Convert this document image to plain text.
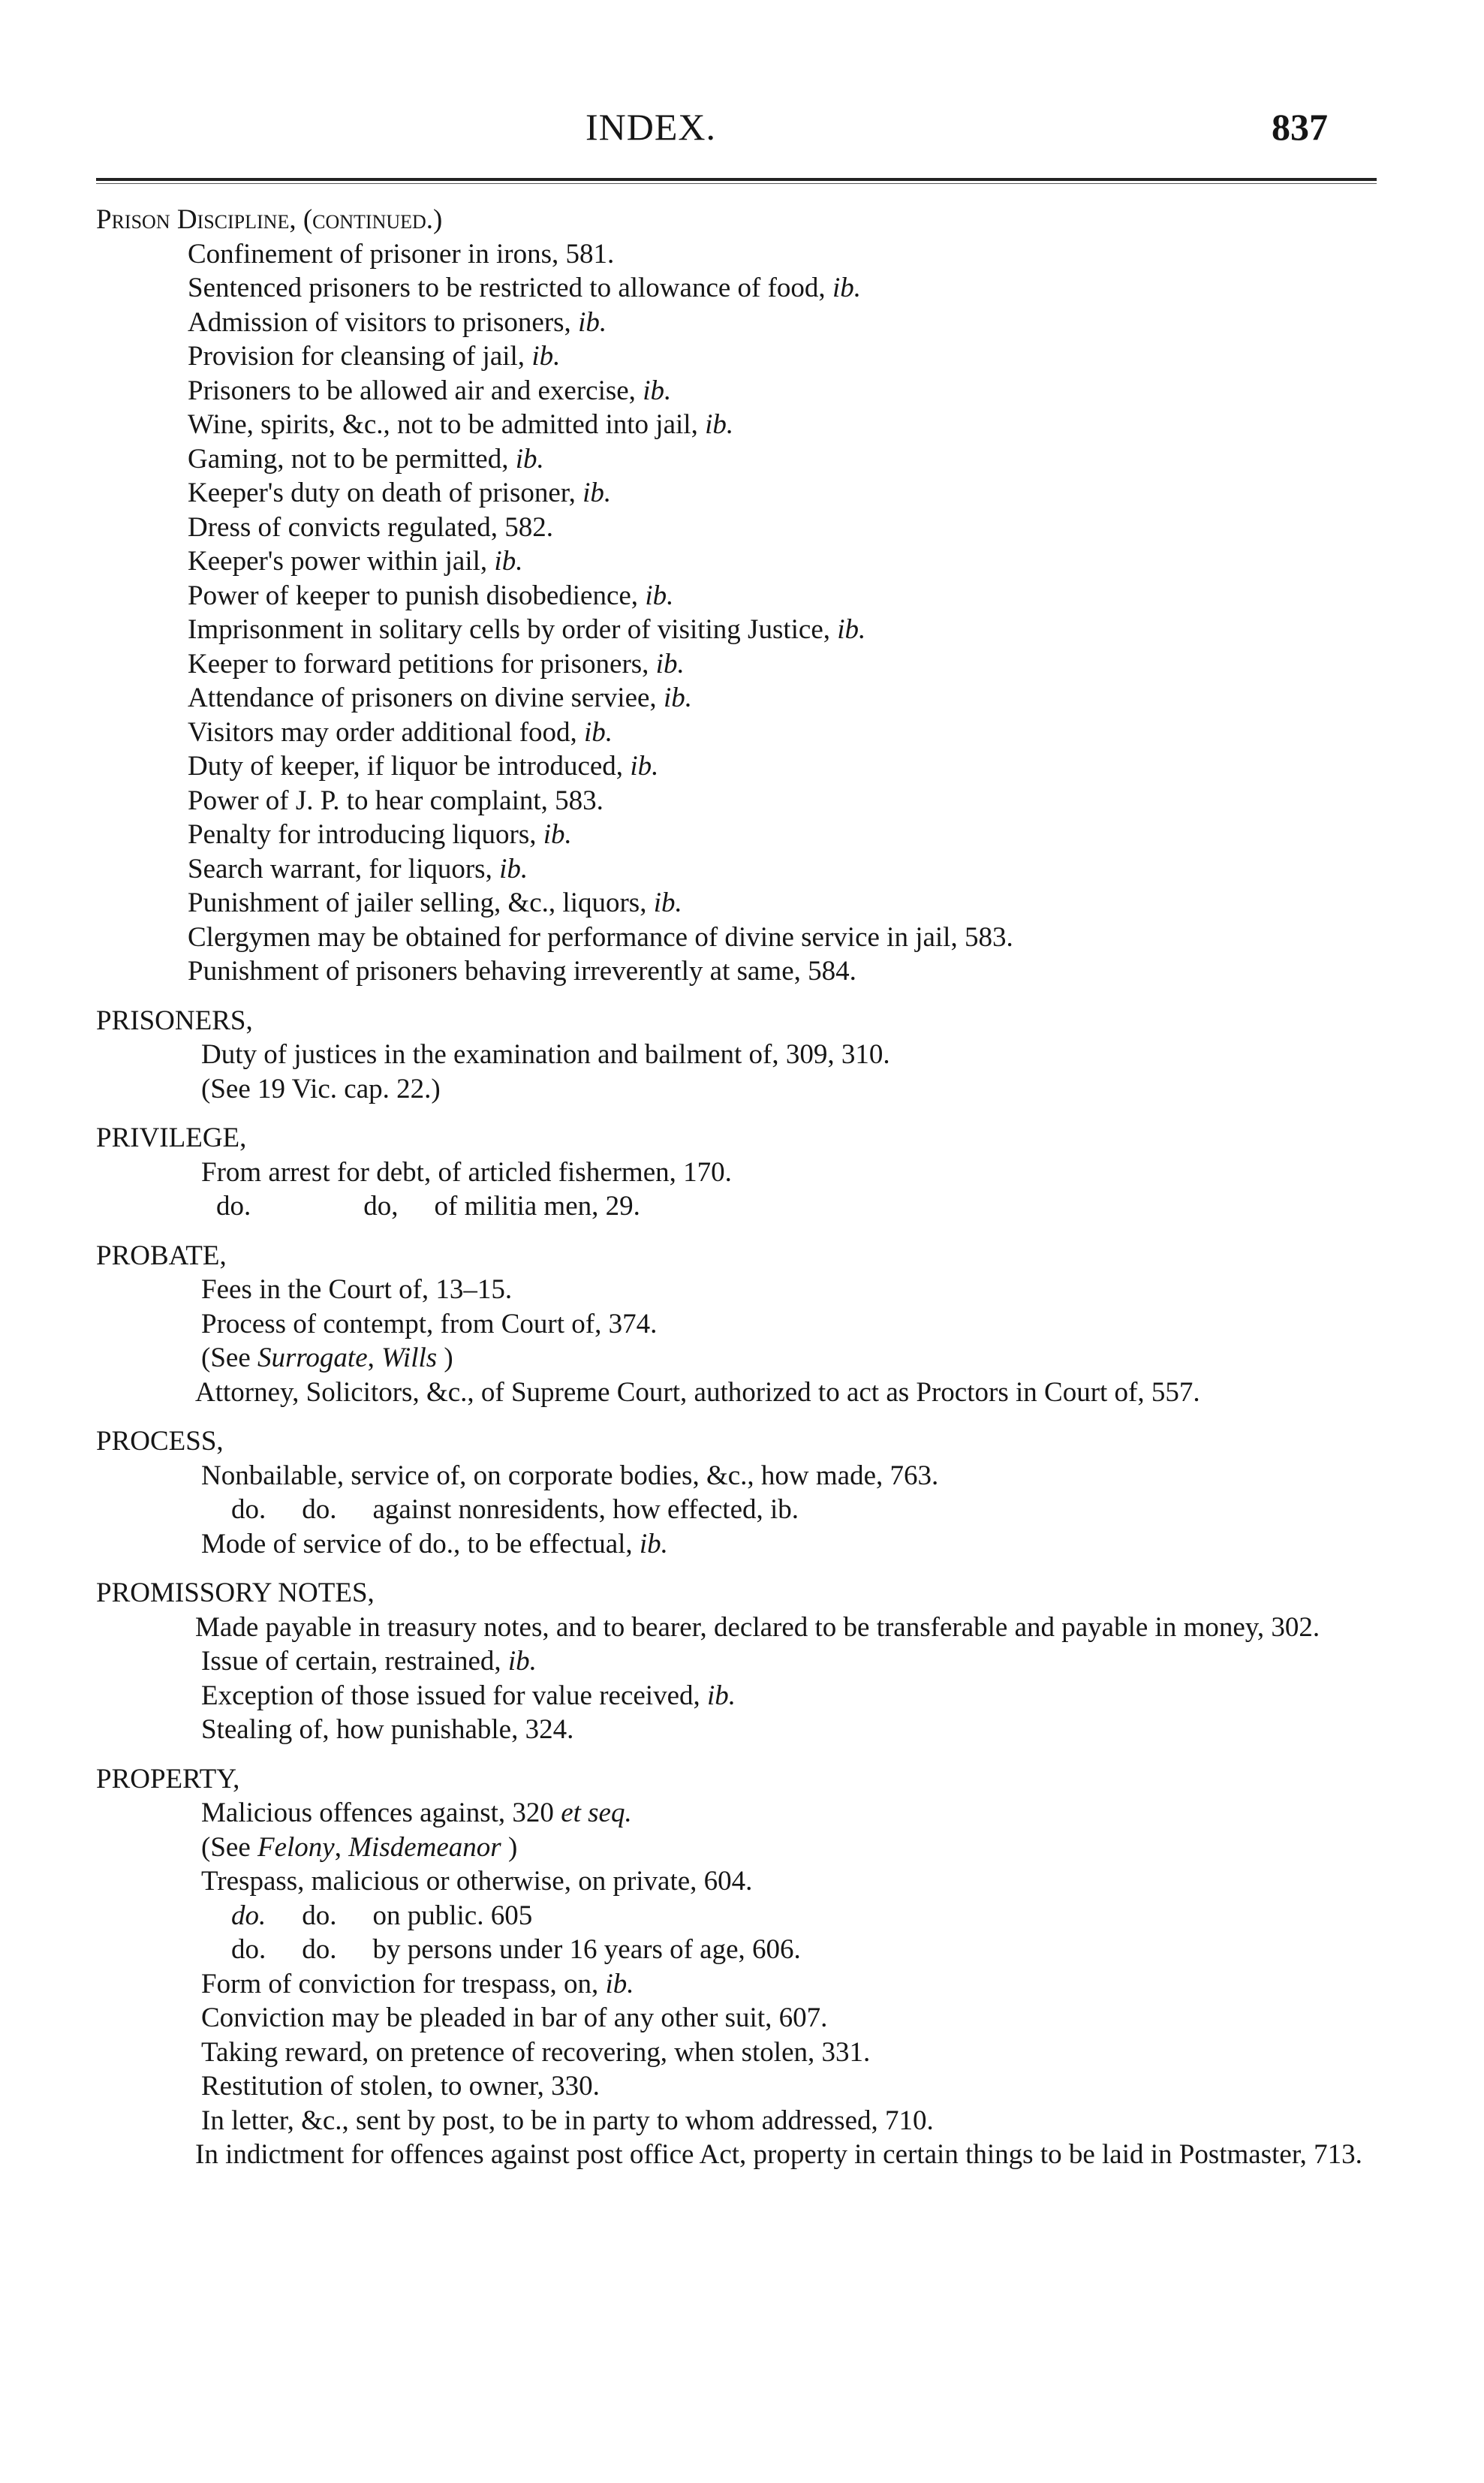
INDEX.	837
Prison Discipline, (continued.)
Confinement of prisoner in irons, 581.
Sentenced prisoners to be restricted to allowance of food, ib.
Admission of visitors to prisoners, ib.
Provision for cleansing of jail, ib.
Prisoners to be allowed air and exercise, ib.
Wine, spirits, &c., not to be admitted into jail, ib.
Gaming, not to be permitted, ib.
Keeper's duty on death of prisoner, ib.
Dress of convicts regulated, 582.
Keeper's power within jail, ib.
Power of keeper to punish disobedience, ib.
Imprisonment in solitary cells by order of visiting Justice, ib.
Keeper to forward petitions for prisoners, ib.
Attendance of prisoners on divine serviee, ib.
Visitors may order additional food, ib.
Duty of keeper, if liquor be introduced, ib.
Power of J. P. to hear complaint, 583.
Penalty for introducing liquors, ib.
Search warrant, for liquors, ib.
Punishment of jailer selling, &c., liquors, ib.
Clergymen may be obtained for performance of divine service in jail, 583.
Punishment of prisoners behaving irreverently at same, 584.
PRISONERS,
Duty of justices in the examination and bailment of, 309, 310.
(See 19 Vic. cap. 22.)
PRIVILEGE,
From arrest for debt, of articled fishermen, 170.
do.	do, of militia men, 29.
PROBATE,
Fees in the Court of, 13–15.
Process of contempt, from Court of, 374.
(See Surrogate, Wills )
Attorney, Solicitors, &c., of Supreme Court, authorized to act as Proctors in Court of, 557.
PROCESS,
Nonbailable, service of, on corporate bodies, &c., how made, 763.
do. do. against nonresidents, how effected, ib.
Mode of service of do., to be effectual, ib.
PROMISSORY NOTES,
Made payable in treasury notes, and to bearer, declared to be transferable and payable in money, 302.
Issue of certain, restrained, ib.
Exception of those issued for value received, ib.
Stealing of, how punishable, 324.
PROPERTY,
Malicious offences against, 320 et seq.
(See Felony, Misdemeanor )
Trespass, malicious or otherwise, on private, 604.
do. do. on public. 605
do. do. by persons under 16 years of age, 606.
Form of conviction for trespass, on, ib.
Conviction may be pleaded in bar of any other suit, 607.
Taking reward, on pretence of recovering, when stolen, 331.
Restitution of stolen, to owner, 330.
In letter, &c., sent by post, to be in party to whom addressed, 710.
In indictment for offences against post office Act, property in certain things to be laid in Postmaster, 713.
